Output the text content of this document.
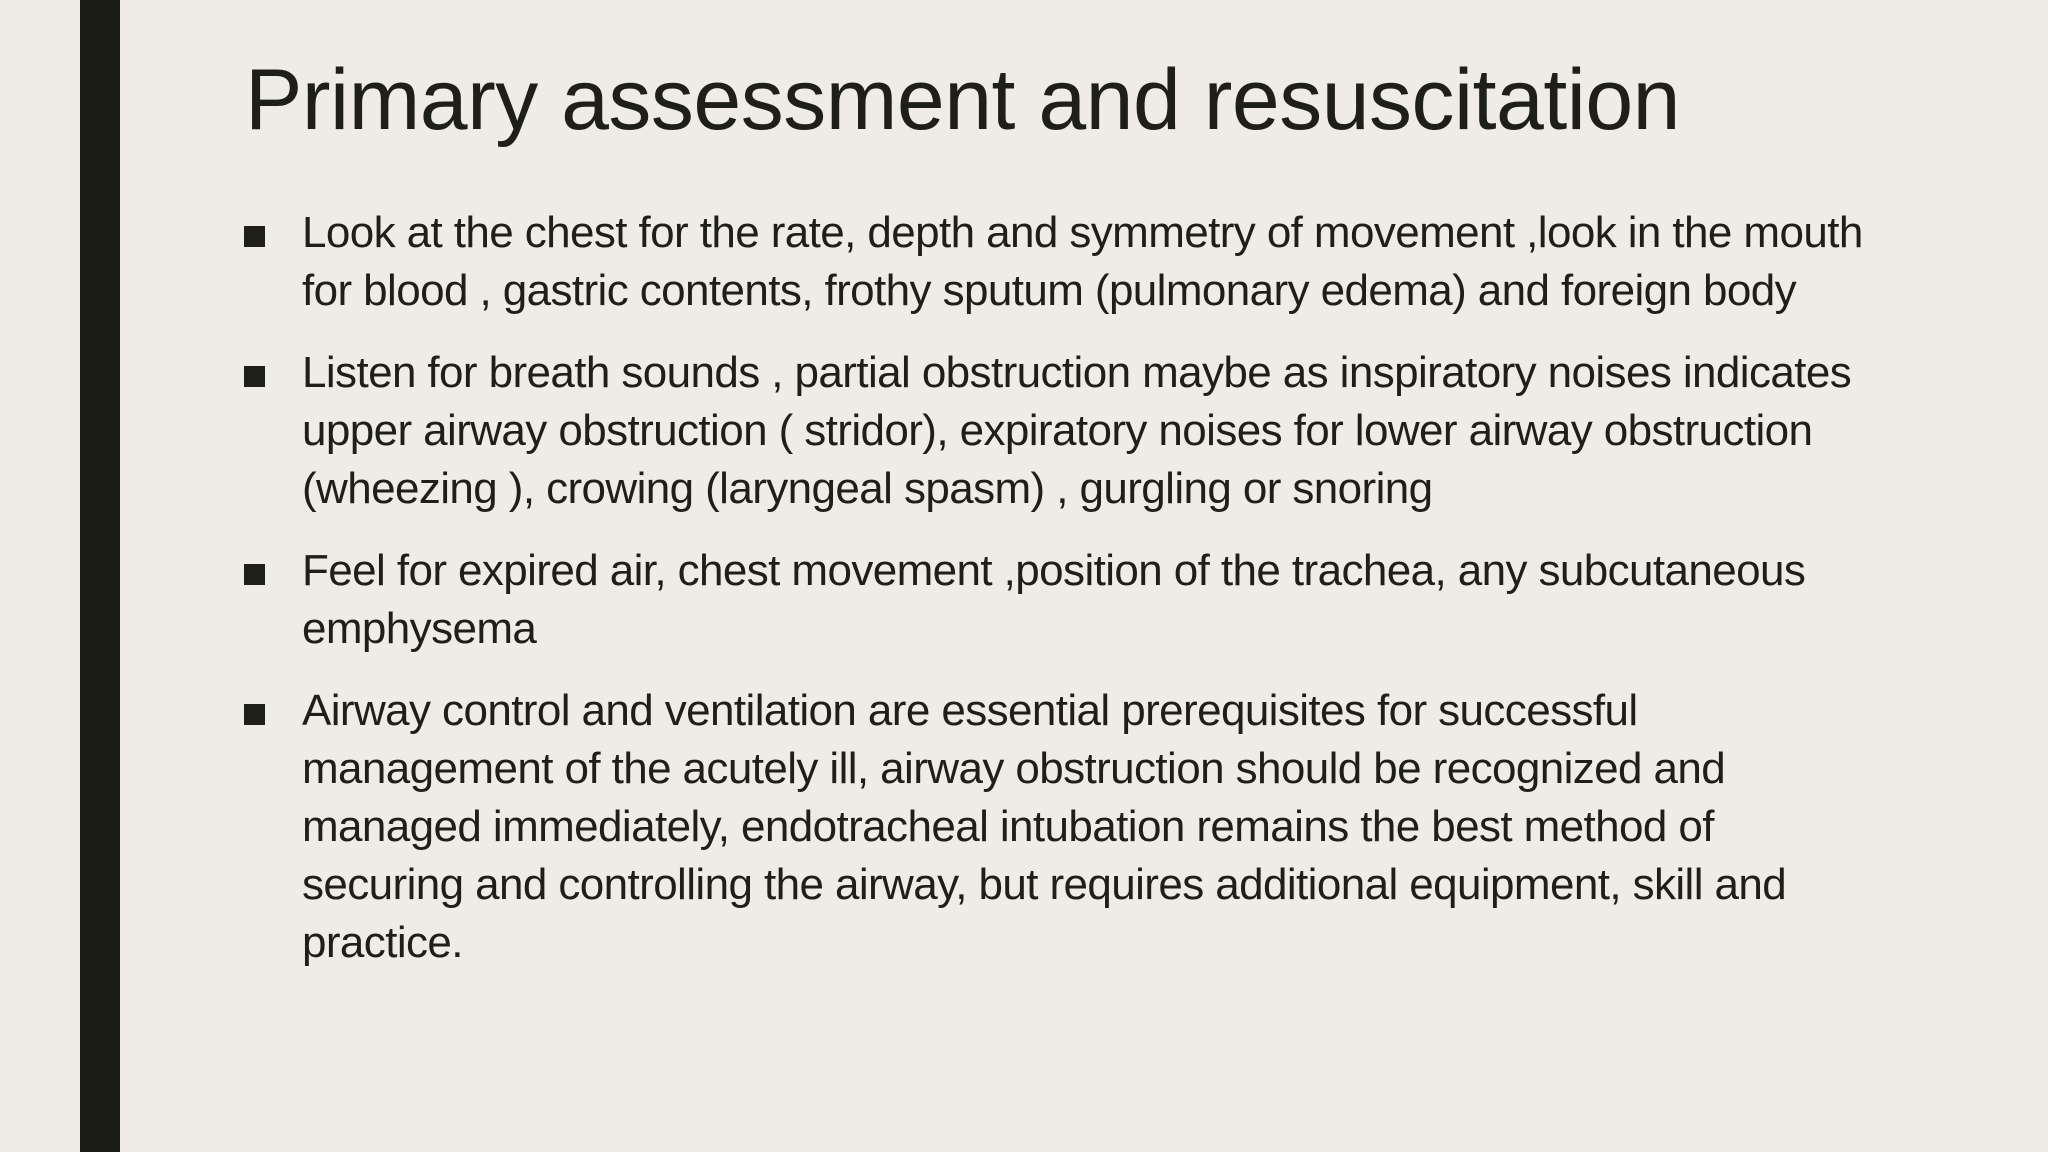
Primary assessment and resuscitation
Look at the chest for the rate, depth and symmetry of movement ,look in the mouth for blood , gastric contents, frothy sputum (pulmonary edema) and foreign body
Listen for breath sounds , partial obstruction maybe as inspiratory noises indicates upper airway obstruction ( stridor), expiratory noises for lower airway obstruction (wheezing ), crowing (laryngeal spasm) , gurgling or snoring
Feel for expired air, chest movement ,position of the trachea, any subcutaneous emphysema
Airway control and ventilation are essential prerequisites for successful management of the acutely ill, airway obstruction should be recognized and managed immediately, endotracheal intubation remains the best method of securing and controlling the airway, but requires additional equipment, skill and practice.
